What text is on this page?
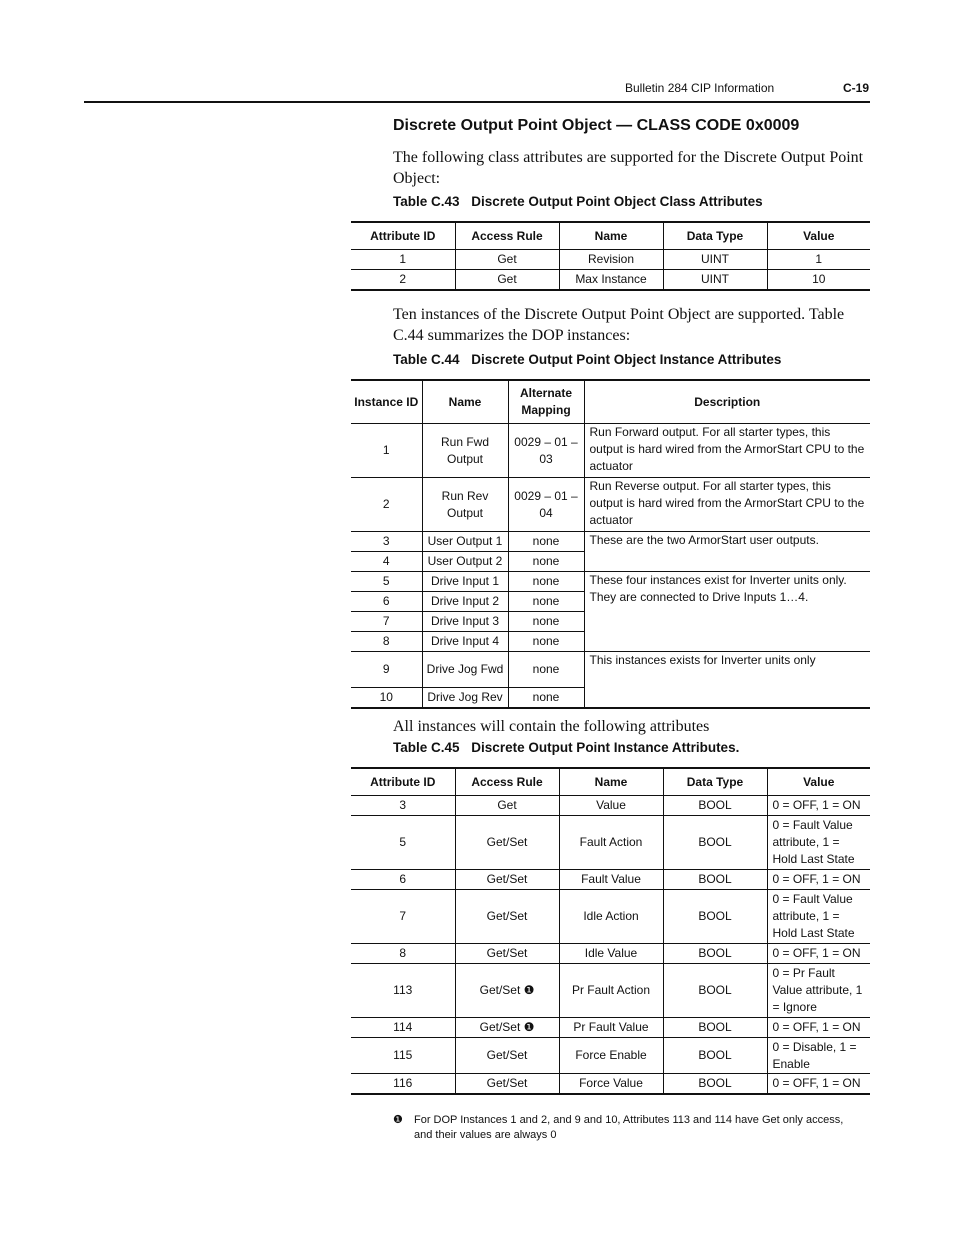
Bulletin 284 CIP Information	C-19
Discrete Output Point Object — CLASS CODE 0x0009
The following class attributes are supported for the Discrete Output Point Object:
Table C.43 Discrete Output Point Object Class Attributes
Attribute ID	Access Rule	Name	Data Type	Value
1	Get	Revision	UINT	1
2	Get	Max Instance	UINT	10
Ten instances of the Discrete Output Point Object are supported. Table C.44 summarizes the DOP instances:
Table C.44 Discrete Output Point Object Instance Attributes
Instance ID	Name	Alternate Mapping	Description
1	Run Fwd Output	0029 – 01 – 03	Run Forward output. For all starter types, this output is hard wired from the ArmorStart CPU to the actuator
2	Run Rev Output	0029 – 01 – 04	Run Reverse output. For all starter types, this output is hard wired from the ArmorStart CPU to the actuator
3	User Output 1	none	These are the two ArmorStart user outputs.
4	User Output 2	none	
5	Drive Input 1	none	These four instances exist for Inverter units only. They are connected to Drive Inputs 1…4.
6	Drive Input 2	none	
7	Drive Input 3	none	
8	Drive Input 4	none	
9	Drive Jog Fwd	none	This instances exists for Inverter units only
10	Drive Jog Rev	none	
All instances will contain the following attributes
Table C.45 Discrete Output Point Instance Attributes.
Attribute ID	Access Rule	Name	Data Type	Value
3	Get	Value	BOOL	0 = OFF, 1 = ON
5	Get/Set	Fault Action	BOOL	0 = Fault Value attribute, 1 = Hold Last State
6	Get/Set	Fault Value	BOOL	0 = OFF, 1 = ON
7	Get/Set	Idle Action	BOOL	0 = Fault Value attribute, 1 = Hold Last State
8	Get/Set	Idle Value	BOOL	0 = OFF, 1 = ON
113	Get/Set ❶	Pr Fault Action	BOOL	0 = Pr Fault Value attribute, 1 = Ignore
114	Get/Set ❶	Pr Fault Value	BOOL	0 = OFF, 1 = ON
115	Get/Set	Force Enable	BOOL	0 = Disable, 1 = Enable
116	Get/Set	Force Value	BOOL	0 = OFF, 1 = ON
❶	For DOP Instances 1 and 2, and 9 and 10, Attributes 113 and 114 have Get only access, and their values are always 0
